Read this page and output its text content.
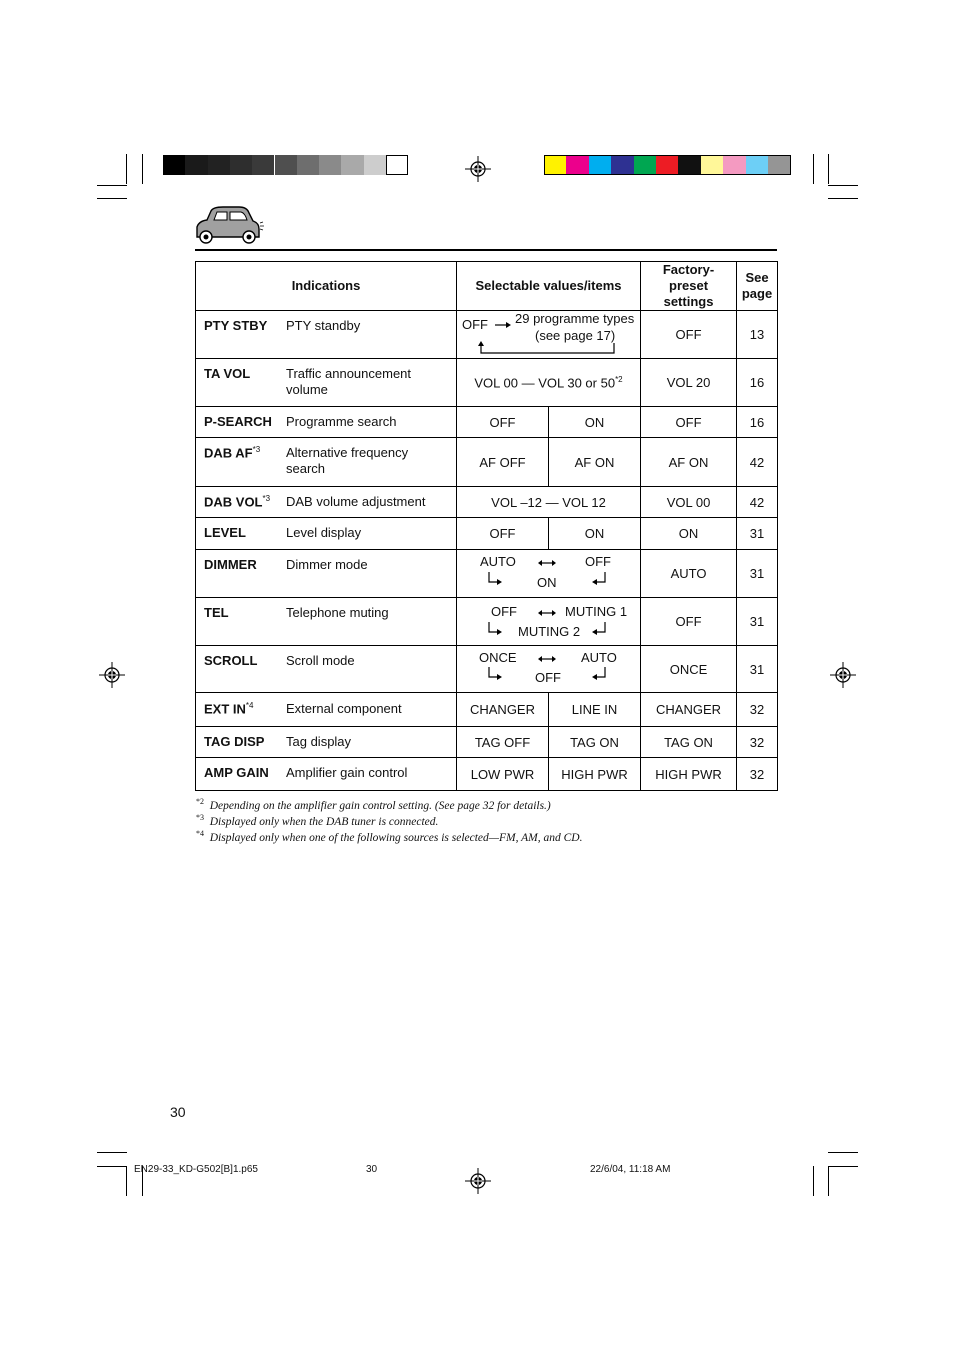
Indications	Selectable values/items		Factory-preset settings	See page

PTY STBY PTY standby	OFF 29 programme types
(see page 17)		OFF	13

TA VOL Traffic announcement volume	VOL 00 — VOL 30 or 50$^{*2}$		VOL 20	16

P-SEARCH Programme search	OFF	ON	OFF	16

DAB AF$^{*3}$ Alternative frequency search	AF OFF	AF ON	AF ON	42

DAB VOL$^{*3}$ DAB volume adjustment	VOL –12 — VOL 12		VOL 00	42

LEVEL Level display	OFF	ON	ON	31

DIMMER Dimmer mode	AUTO OFF
ON		AUTO	31

TEL Telephone muting	OFF MUTING 1
MUTING 2		OFF	31

SCROLL Scroll mode	ONCE AUTO
OFF		ONCE	31

EXT IN$^{*4}$ External component	CHANGER	LINE IN	CHANGER	32

TAG DISP Tag display	TAG OFF	TAG ON	TAG ON	32

AMP GAIN Amplifier gain control	LOW PWR	HIGH PWR	HIGH PWR	32
$^{*2}$ Depending on the amplifier gain control setting. (See page 32 for details.)
$^{*3}$ Displayed only when the DAB tuner is connected.
$^{*4}$ Displayed only when one of the following sources is selected—FM, AM, and CD.
30
EN29-33_KD-G502[B]1.p65	30	22/6/04, 11:18 AM
